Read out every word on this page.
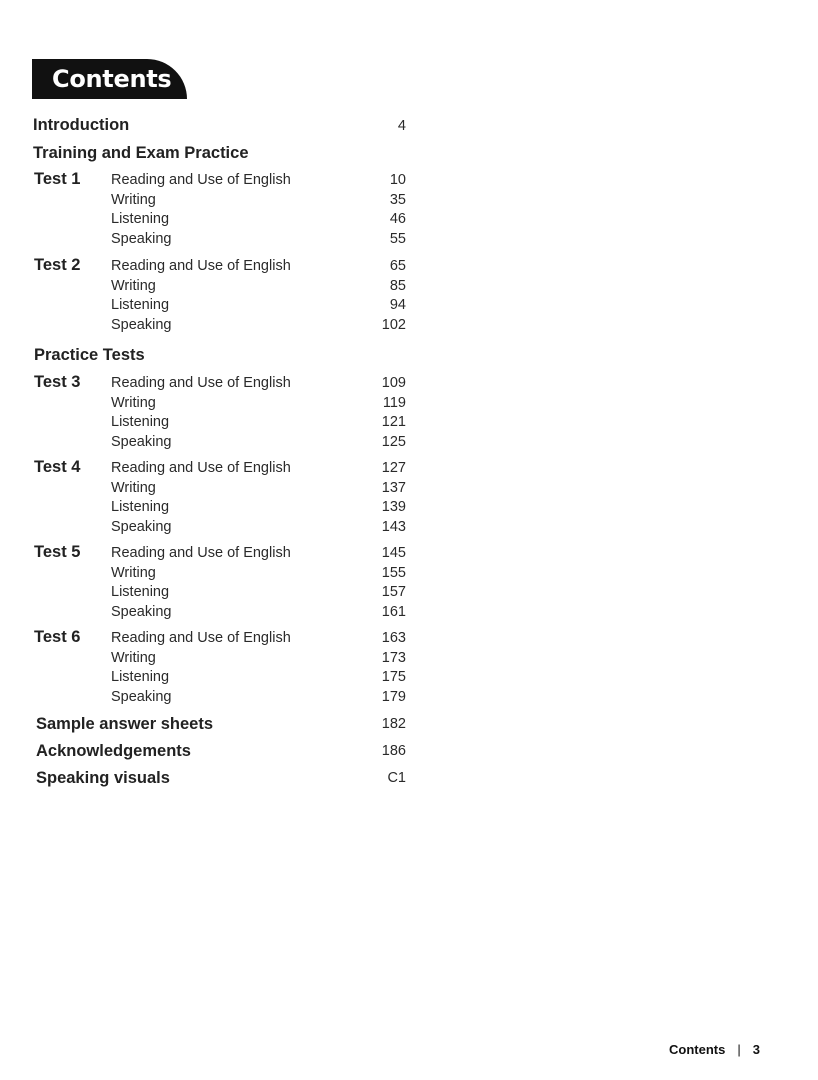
Contents
Introduction	4
Training and Exam Practice
Test 1 Reading and Use of English	10
Writing	35
Listening	46
Speaking	55
Test 2 Reading and Use of English	65
Writing	85
Listening	94
Speaking	102
Practice Tests
Test 3 Reading and Use of English	109
Writing	119
Listening	121
Speaking	125
Test 4 Reading and Use of English	127
Writing	137
Listening	139
Speaking	143
Test 5 Reading and Use of English	145
Writing	155
Listening	157
Speaking	161
Test 6 Reading and Use of English	163
Writing	173
Listening	175
Speaking	179
Sample answer sheets	182
Acknowledgements	186
Speaking visuals	C1
Contents | 3
